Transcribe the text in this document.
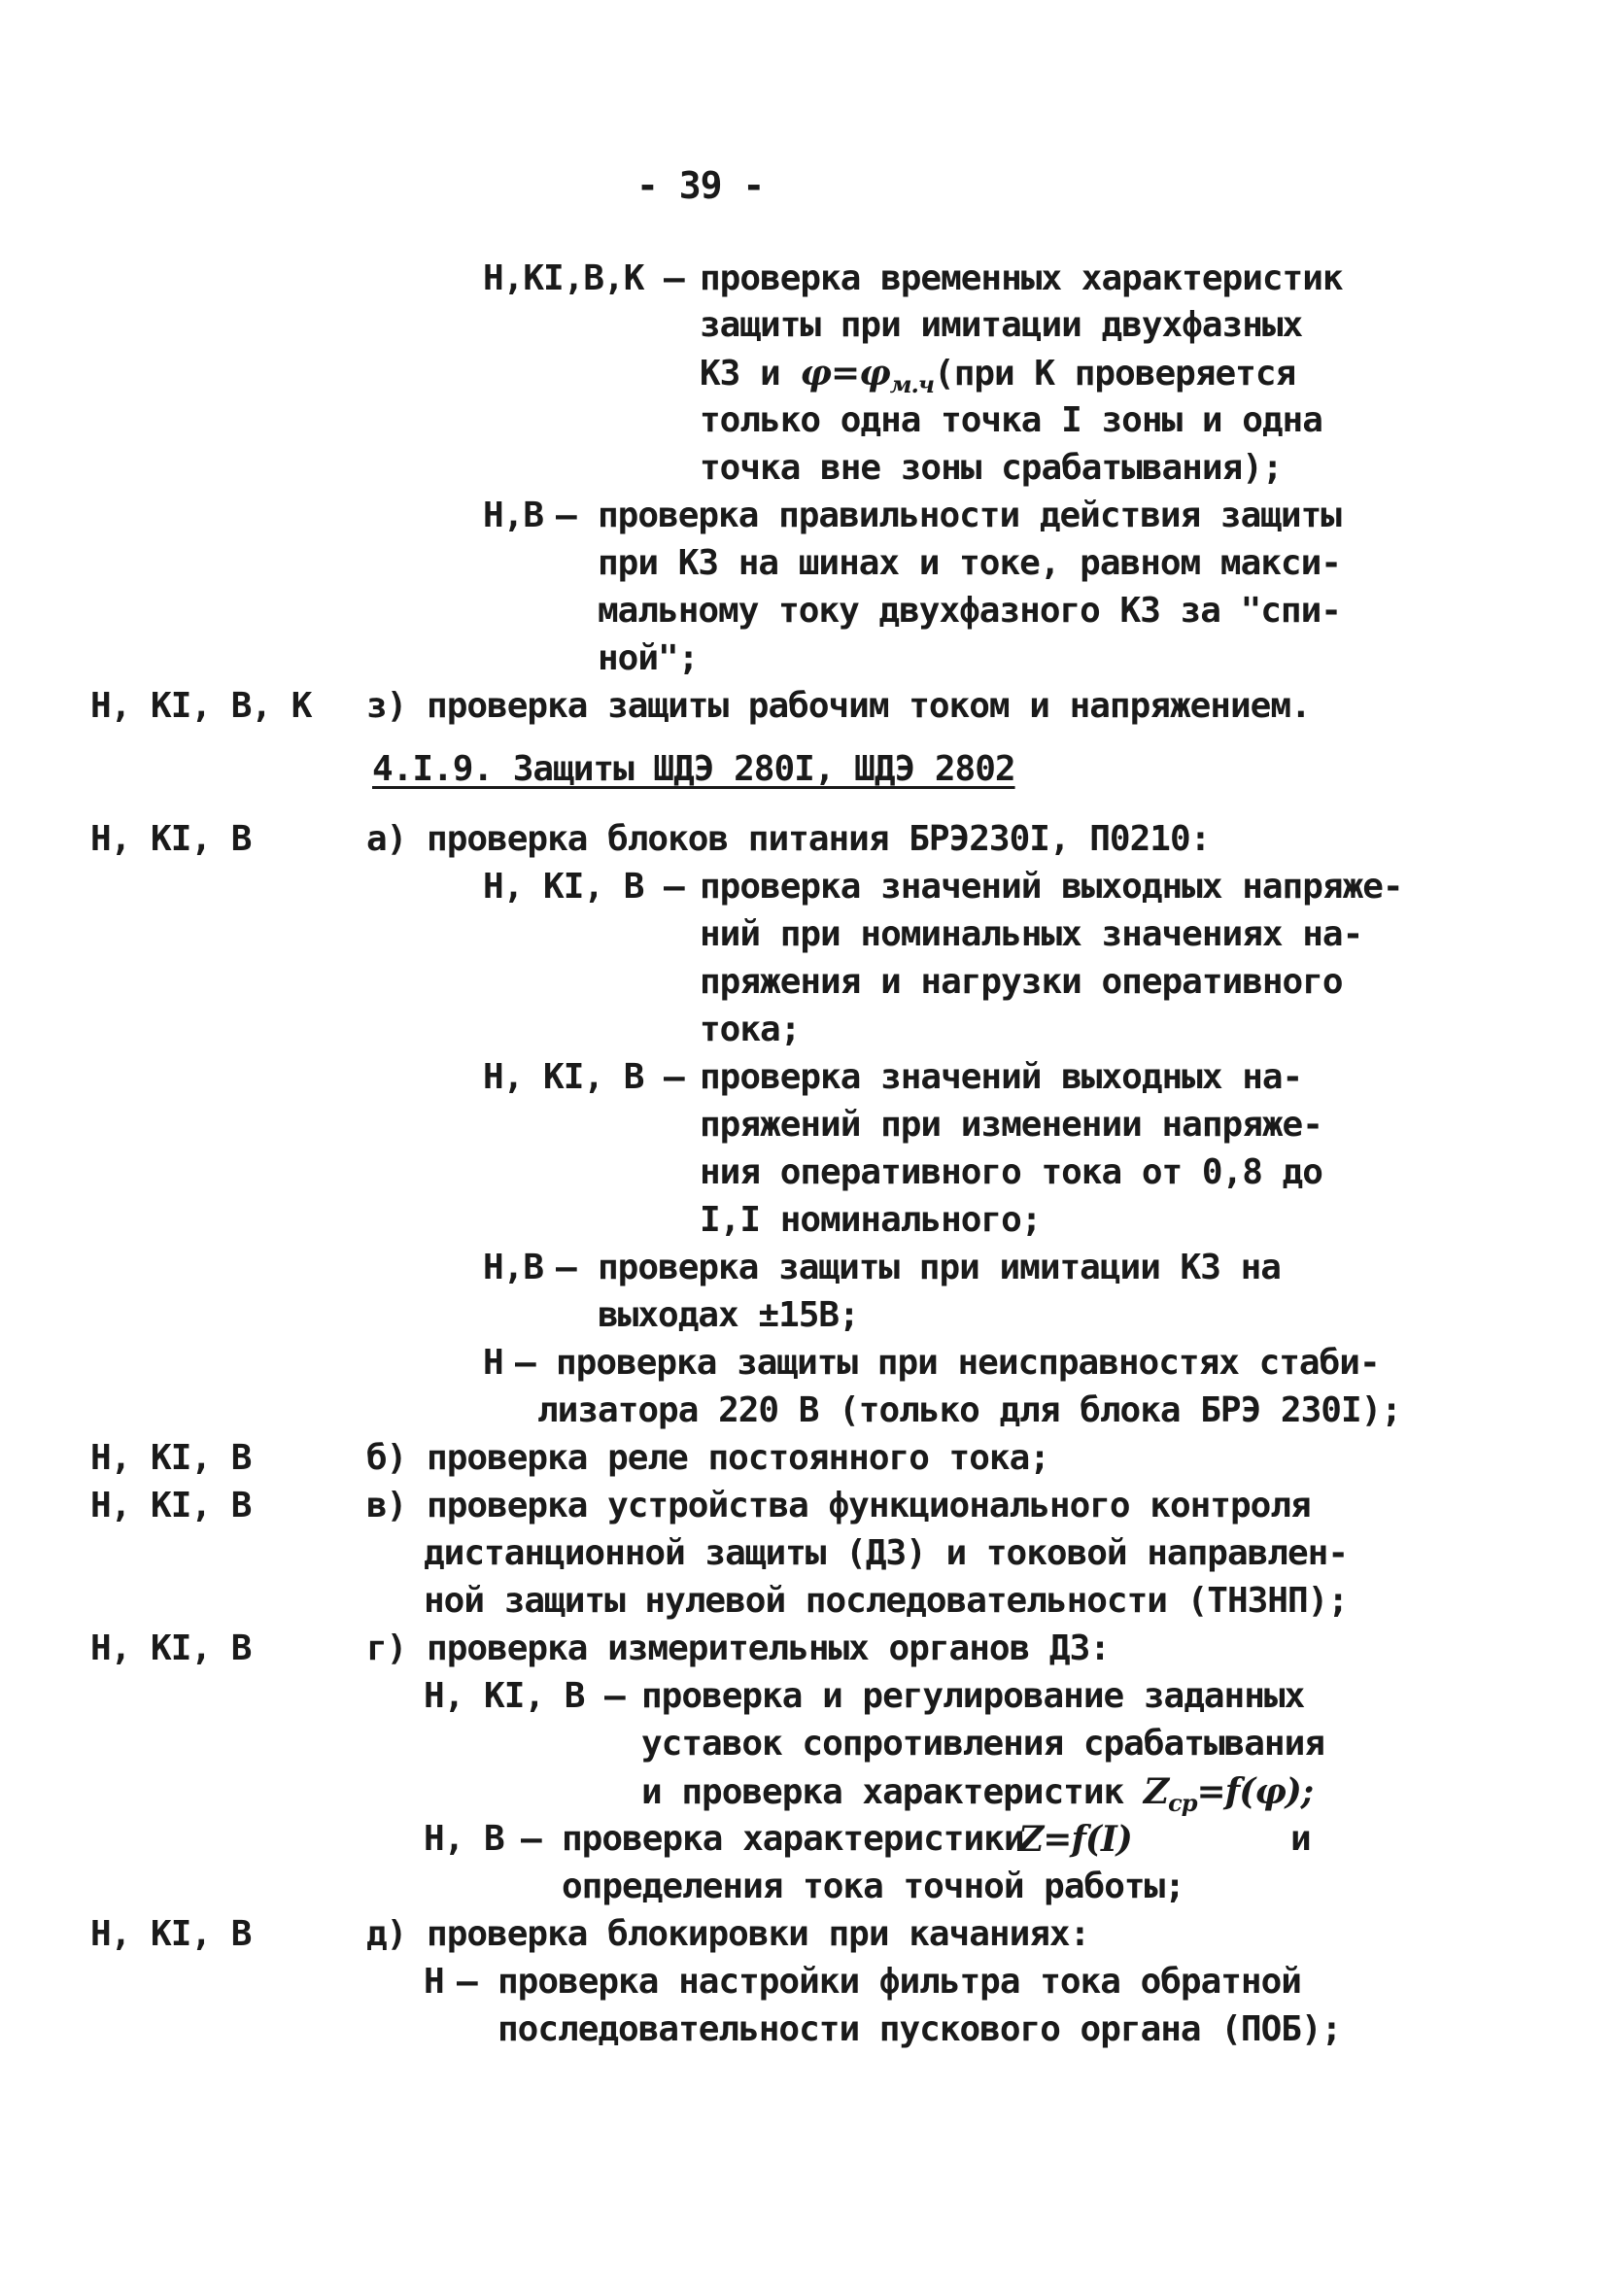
- 39 -
Н,КІ,В,К – проверка временных характеристик
защиты при имитации двухфазных
КЗ и $\varphi=\varphi_{м.ч}(при$ К проверяется
только одна точка I зоны и одна
точка вне зоны срабатывания);
Н,В – проверка правильности действия защиты
при КЗ на шинах и токе, равном макси-
мальному току двухфазного КЗ за "спи-
ной";
Н, КІ, В, К з) проверка защиты рабочим током и напряжением.
4.I.9. Защиты ШДЭ 280I, ШДЭ 2802
Н, КІ, В	а) проверка блоков питания БРЭ230I, П0210:
Н, КІ, В – проверка значений выходных напряже-
ний при номинальных значениях на-
пряжения и нагрузки оперативного
тока;
Н, КІ, В – проверка значений выходных на-
пряжений при изменении напряже-
ния оперативного тока от 0,8 до
I,I номинального;
Н,В – проверка защиты при имитации КЗ на
выходах ±15В;
Н – проверка защиты при неисправностях стаби-
лизатора 220 В (только для блока БРЭ 230I);
Н, КІ, В	б) проверка реле постоянного тока;
Н, КІ, В	в) проверка устройства функционального контроля
дистанционной защиты (ДЗ) и токовой направлен-
ной защиты нулевой последовательности (ТНЗНП);
Н, КІ, В	г) проверка измерительных органов ДЗ:
Н, КІ, В – проверка и регулирование заданных
уставок сопротивления срабатывания
и проверка характеристик $Z_{ср}=f(\varphi)$;
Н, В – проверка характеристики
Z=f(I)	и
определения тока точной работы;
Н, КІ, В	д) проверка блокировки при качаниях:
Н – проверка настройки фильтра тока обратной
последовательности пускового органа (ПОБ);
